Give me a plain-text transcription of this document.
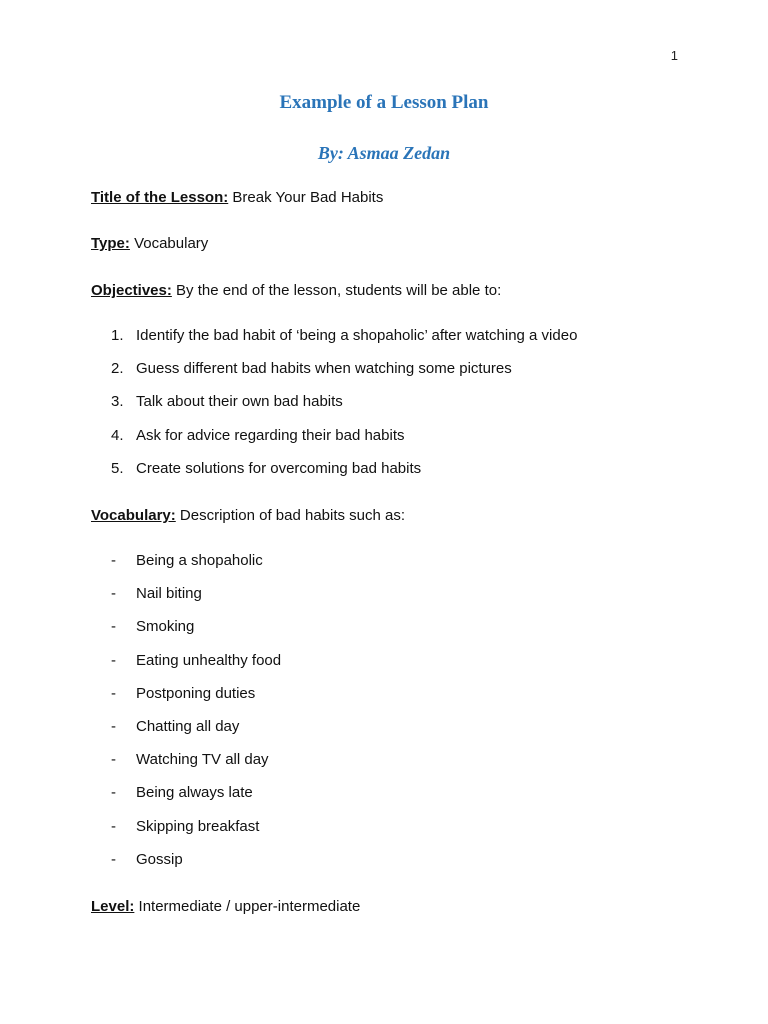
1
Example of a Lesson Plan
By: Asmaa Zedan
Title of the Lesson: Break Your Bad Habits
Type: Vocabulary
Objectives: By the end of the lesson, students will be able to:
1. Identify the bad habit of ‘being a shopaholic’ after watching a video
2. Guess different bad habits when watching some pictures
3. Talk about their own bad habits
4. Ask for advice regarding their bad habits
5. Create solutions for overcoming bad habits
Vocabulary: Description of bad habits such as:
-	Being a shopaholic
-	Nail biting
-	Smoking
-	Eating unhealthy food
-	Postponing duties
-	Chatting all day
-	Watching TV all day
-	Being always late
-	Skipping breakfast
-	Gossip
Level: Intermediate / upper-intermediate
